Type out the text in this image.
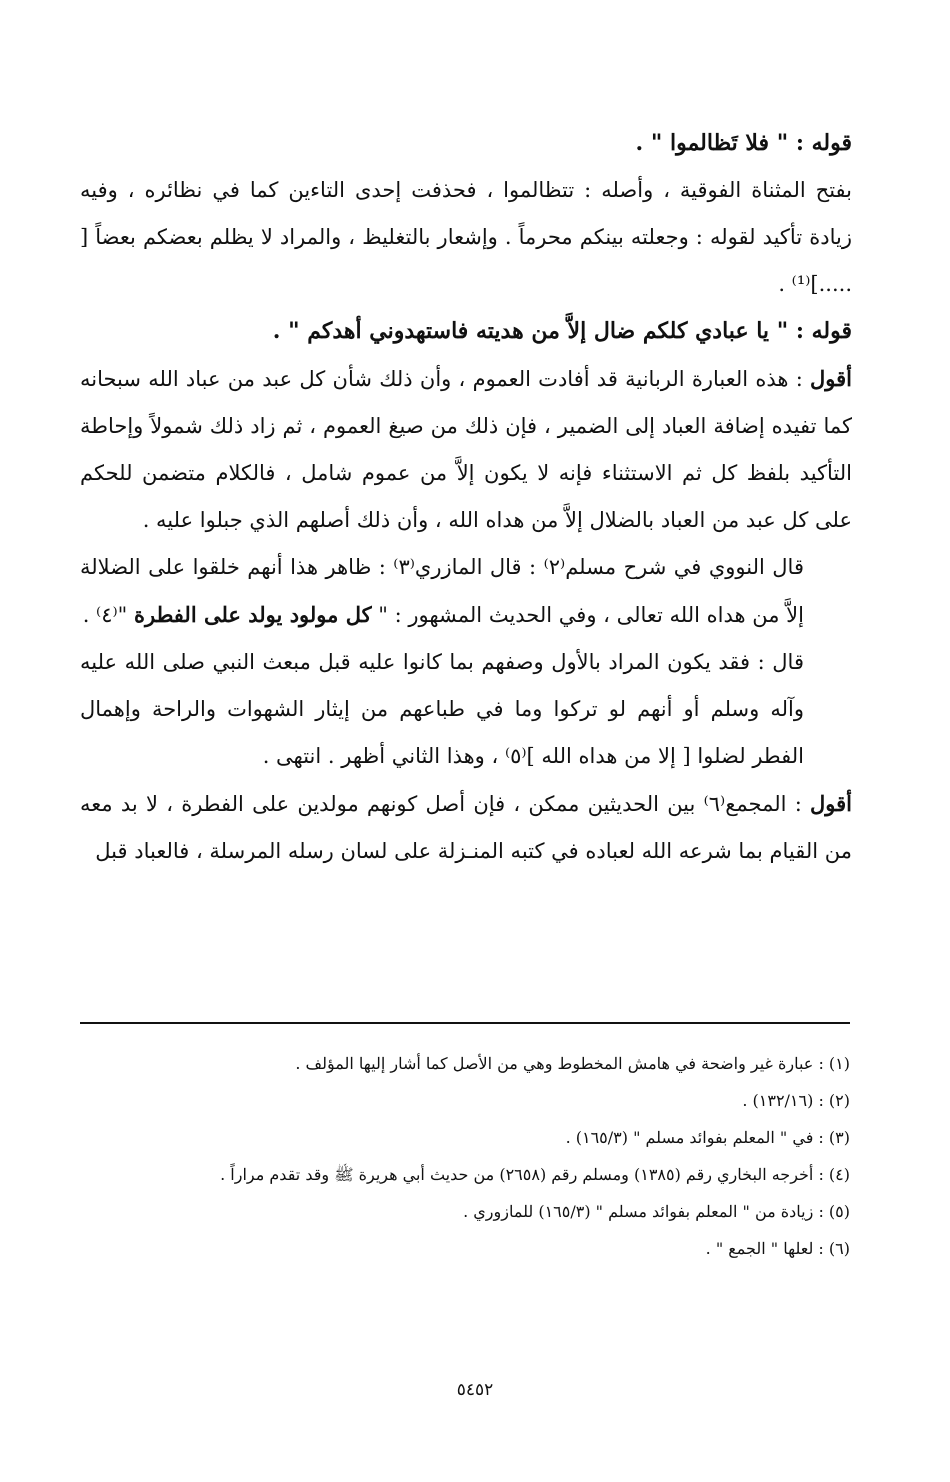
قوله : " فلا تَظالموا " .

بفتح المثناة الفوقية ، وأصله : تتظالموا ، فحذفت إحدى التاءين كما في نظائره ، وفيه زيادة تأكيد لقوله : وجعلته بينكم محرماً . وإشعار بالتغليظ ، والمراد لا يظلم بعضكم بعضاً [ .....]⁽¹⁾ .

قوله : " يا عبادي كلكم ضال إلاَّ من هديته فاستهدوني أهدكم " .

أقول : هذه العبارة الربانية قد أفادت العموم ، وأن ذلك شأن كل عبد من عباد الله سبحانه كما تفيده إضافة العباد إلى الضمير ، فإن ذلك من صيغ العموم ، ثم زاد ذلك شمولاً وإحاطة التأكيد بلفظ كل ثم الاستثناء فإنه لا يكون إلاَّ من عموم شامل ، فالكلام متضمن للحكم على كل عبد من العباد بالضلال إلاَّ من هداه الله ، وأن ذلك أصلهم الذي جبلوا عليه .

قال النووي في شرح مسلم⁽٢⁾ : قال المازري⁽٣⁾ : ظاهر هذا أنهم خلقوا على الضلالة إلاَّ من هداه الله تعالى ، وفي الحديث المشهور : " كل مولود يولد على الفطرة "⁽٤⁾ .

قال : فقد يكون المراد بالأول وصفهم بما كانوا عليه قبل مبعث النبي صلى الله عليه وآله وسلم أو أنهم لو تركوا وما في طباعهم من إيثار الشهوات والراحة وإهمال الفطر لضلوا [ إلا من هداه الله ]⁽٥⁾ ، وهذا الثاني أظهر . انتهى .

أقول : المجمع⁽٦⁾ بين الحديثين ممكن ، فإن أصل كونهم مولدين على الفطرة ، لا بد معه من القيام بما شرعه الله لعباده في كتبه المنـزلة على لسان رسله المرسلة ، فالعباد قبل

(١) : عبارة غير واضحة في هامش المخطوط وهي من الأصل كما أشار إليها المؤلف .
(٢) : (١٣٢/١٦) .
(٣) : في " المعلم بفوائد مسلم " (١٦٥/٣) .
(٤) : أخرجه البخاري رقم (١٣٨٥) ومسلم رقم (٢٦٥٨) من حديث أبي هريرة ﷺ وقد تقدم مراراً .
(٥) : زيادة من " المعلم بفوائد مسلم " (١٦٥/٣) للمازوري .
(٦) : لعلها " الجمع " .
٥٤٥٢
